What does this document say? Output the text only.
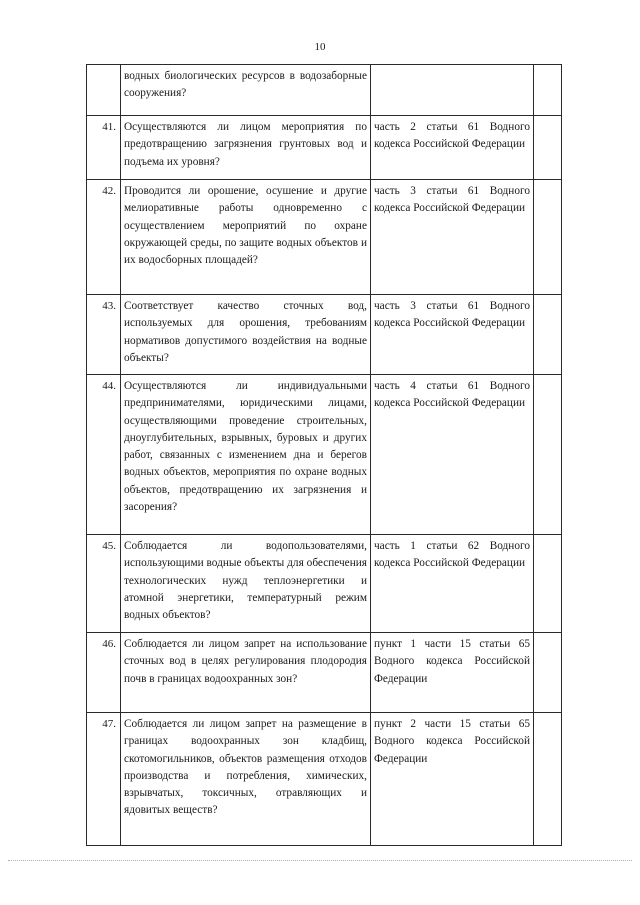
10
	водных биологических ресурсов в водозаборные сооружения?		
41.	Осуществляются ли лицом мероприятия по предотвращению загрязнения грунтовых вод и подъема их уровня?	часть 2 статьи 61 Водного кодекса Российской Федерации	
42.	Проводится ли орошение, осушение и другие мелиоративные работы одновременно с осуществлением мероприятий по охране окружающей среды, по защите водных объектов и их водосборных площадей?	часть 3 статьи 61 Водного кодекса Российской Федерации	
43.	Соответствует качество сточных вод, используемых для орошения, требованиям нормативов допустимого воздействия на водные объекты?	часть 3 статьи 61 Водного кодекса Российской Федерации	
44.	Осуществляются ли индивидуальными предпринимателями, юридическими лицами, осуществляющими проведение строительных, дноуглубительных, взрывных, буровых и других работ, связанных с изменением дна и берегов водных объектов, мероприятия по охране водных объектов, предотвращению их загрязнения и засорения?	часть 4 статьи 61 Водного кодекса Российской Федерации	
45.	Соблюдается ли водопользователями, использующими водные объекты для обеспечения технологических нужд теплоэнергетики и атомной энергетики, температурный режим водных объектов?	часть 1 статьи 62 Водного кодекса Российской Федерации	
46.	Соблюдается ли лицом запрет на использование сточных вод в целях регулирования плодородия почв в границах водоохранных зон?	пункт 1 части 15 статьи 65 Водного кодекса Российской Федерации	
47.	Соблюдается ли лицом запрет на размещение в границах водоохранных зон кладбищ, скотомогильников, объектов размещения отходов производства и потребления, химических, взрывчатых, токсичных, отравляющих и ядовитых веществ?	пункт 2 части 15 статьи 65 Водного кодекса Российской Федерации	
